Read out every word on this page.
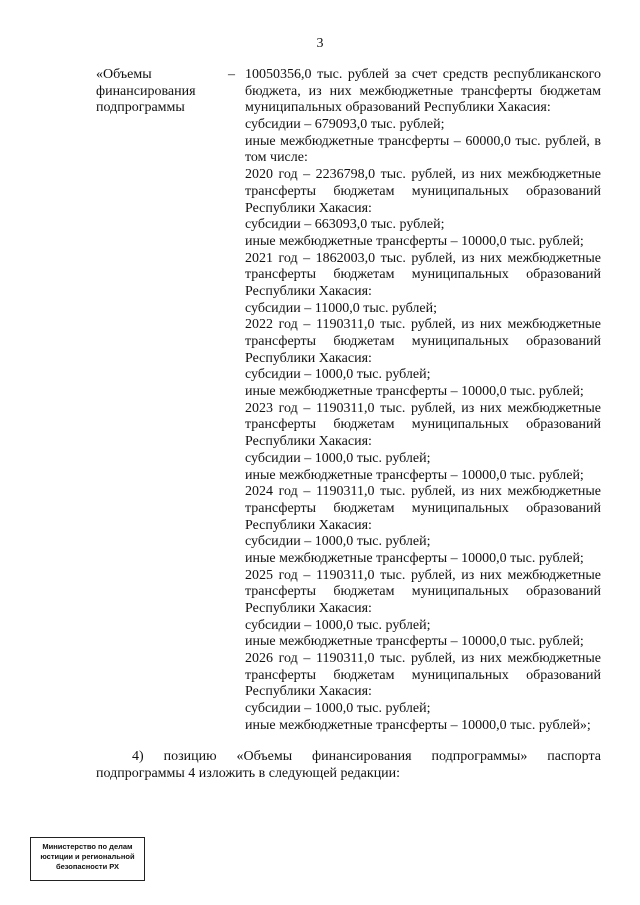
3
«Объемы
финансирования
подпрограммы
– 10050356,0 тыс. рублей за счет средств республиканского
бюджета, из них межбюджетные трансферты бюджетам
муниципальных образований Республики Хакасия:
субсидии – 679093,0 тыс. рублей;
иные межбюджетные трансферты – 60000,0 тыс. рублей, в
том числе:
2020 год – 2236798,0 тыс. рублей, из них межбюджетные
трансферты бюджетам муниципальных образований
Республики Хакасия:
субсидии – 663093,0 тыс. рублей;
иные межбюджетные трансферты – 10000,0 тыс. рублей;
2021 год – 1862003,0 тыс. рублей, из них межбюджетные
трансферты бюджетам муниципальных образований
Республики Хакасия:
субсидии – 11000,0 тыс. рублей;
2022 год – 1190311,0 тыс. рублей, из них межбюджетные
трансферты бюджетам муниципальных образований
Республики Хакасия:
субсидии – 1000,0 тыс. рублей;
иные межбюджетные трансферты – 10000,0 тыс. рублей;
2023 год – 1190311,0 тыс. рублей, из них межбюджетные
трансферты бюджетам муниципальных образований
Республики Хакасия:
субсидии – 1000,0 тыс. рублей;
иные межбюджетные трансферты – 10000,0 тыс. рублей;
2024 год – 1190311,0 тыс. рублей, из них межбюджетные
трансферты бюджетам муниципальных образований
Республики Хакасия:
субсидии – 1000,0 тыс. рублей;
иные межбюджетные трансферты – 10000,0 тыс. рублей;
2025 год – 1190311,0 тыс. рублей, из них межбюджетные
трансферты бюджетам муниципальных образований
Республики Хакасия:
субсидии – 1000,0 тыс. рублей;
иные межбюджетные трансферты – 10000,0 тыс. рублей;
2026 год – 1190311,0 тыс. рублей, из них межбюджетные
трансферты бюджетам муниципальных образований
Республики Хакасия:
субсидии – 1000,0 тыс. рублей;
иные межбюджетные трансферты – 10000,0 тыс. рублей»;
4) позицию «Объемы финансирования подпрограммы» паспорта
подпрограммы 4 изложить в следующей редакции:
Министерство по делам
юстиции и региональной
безопасности РХ
